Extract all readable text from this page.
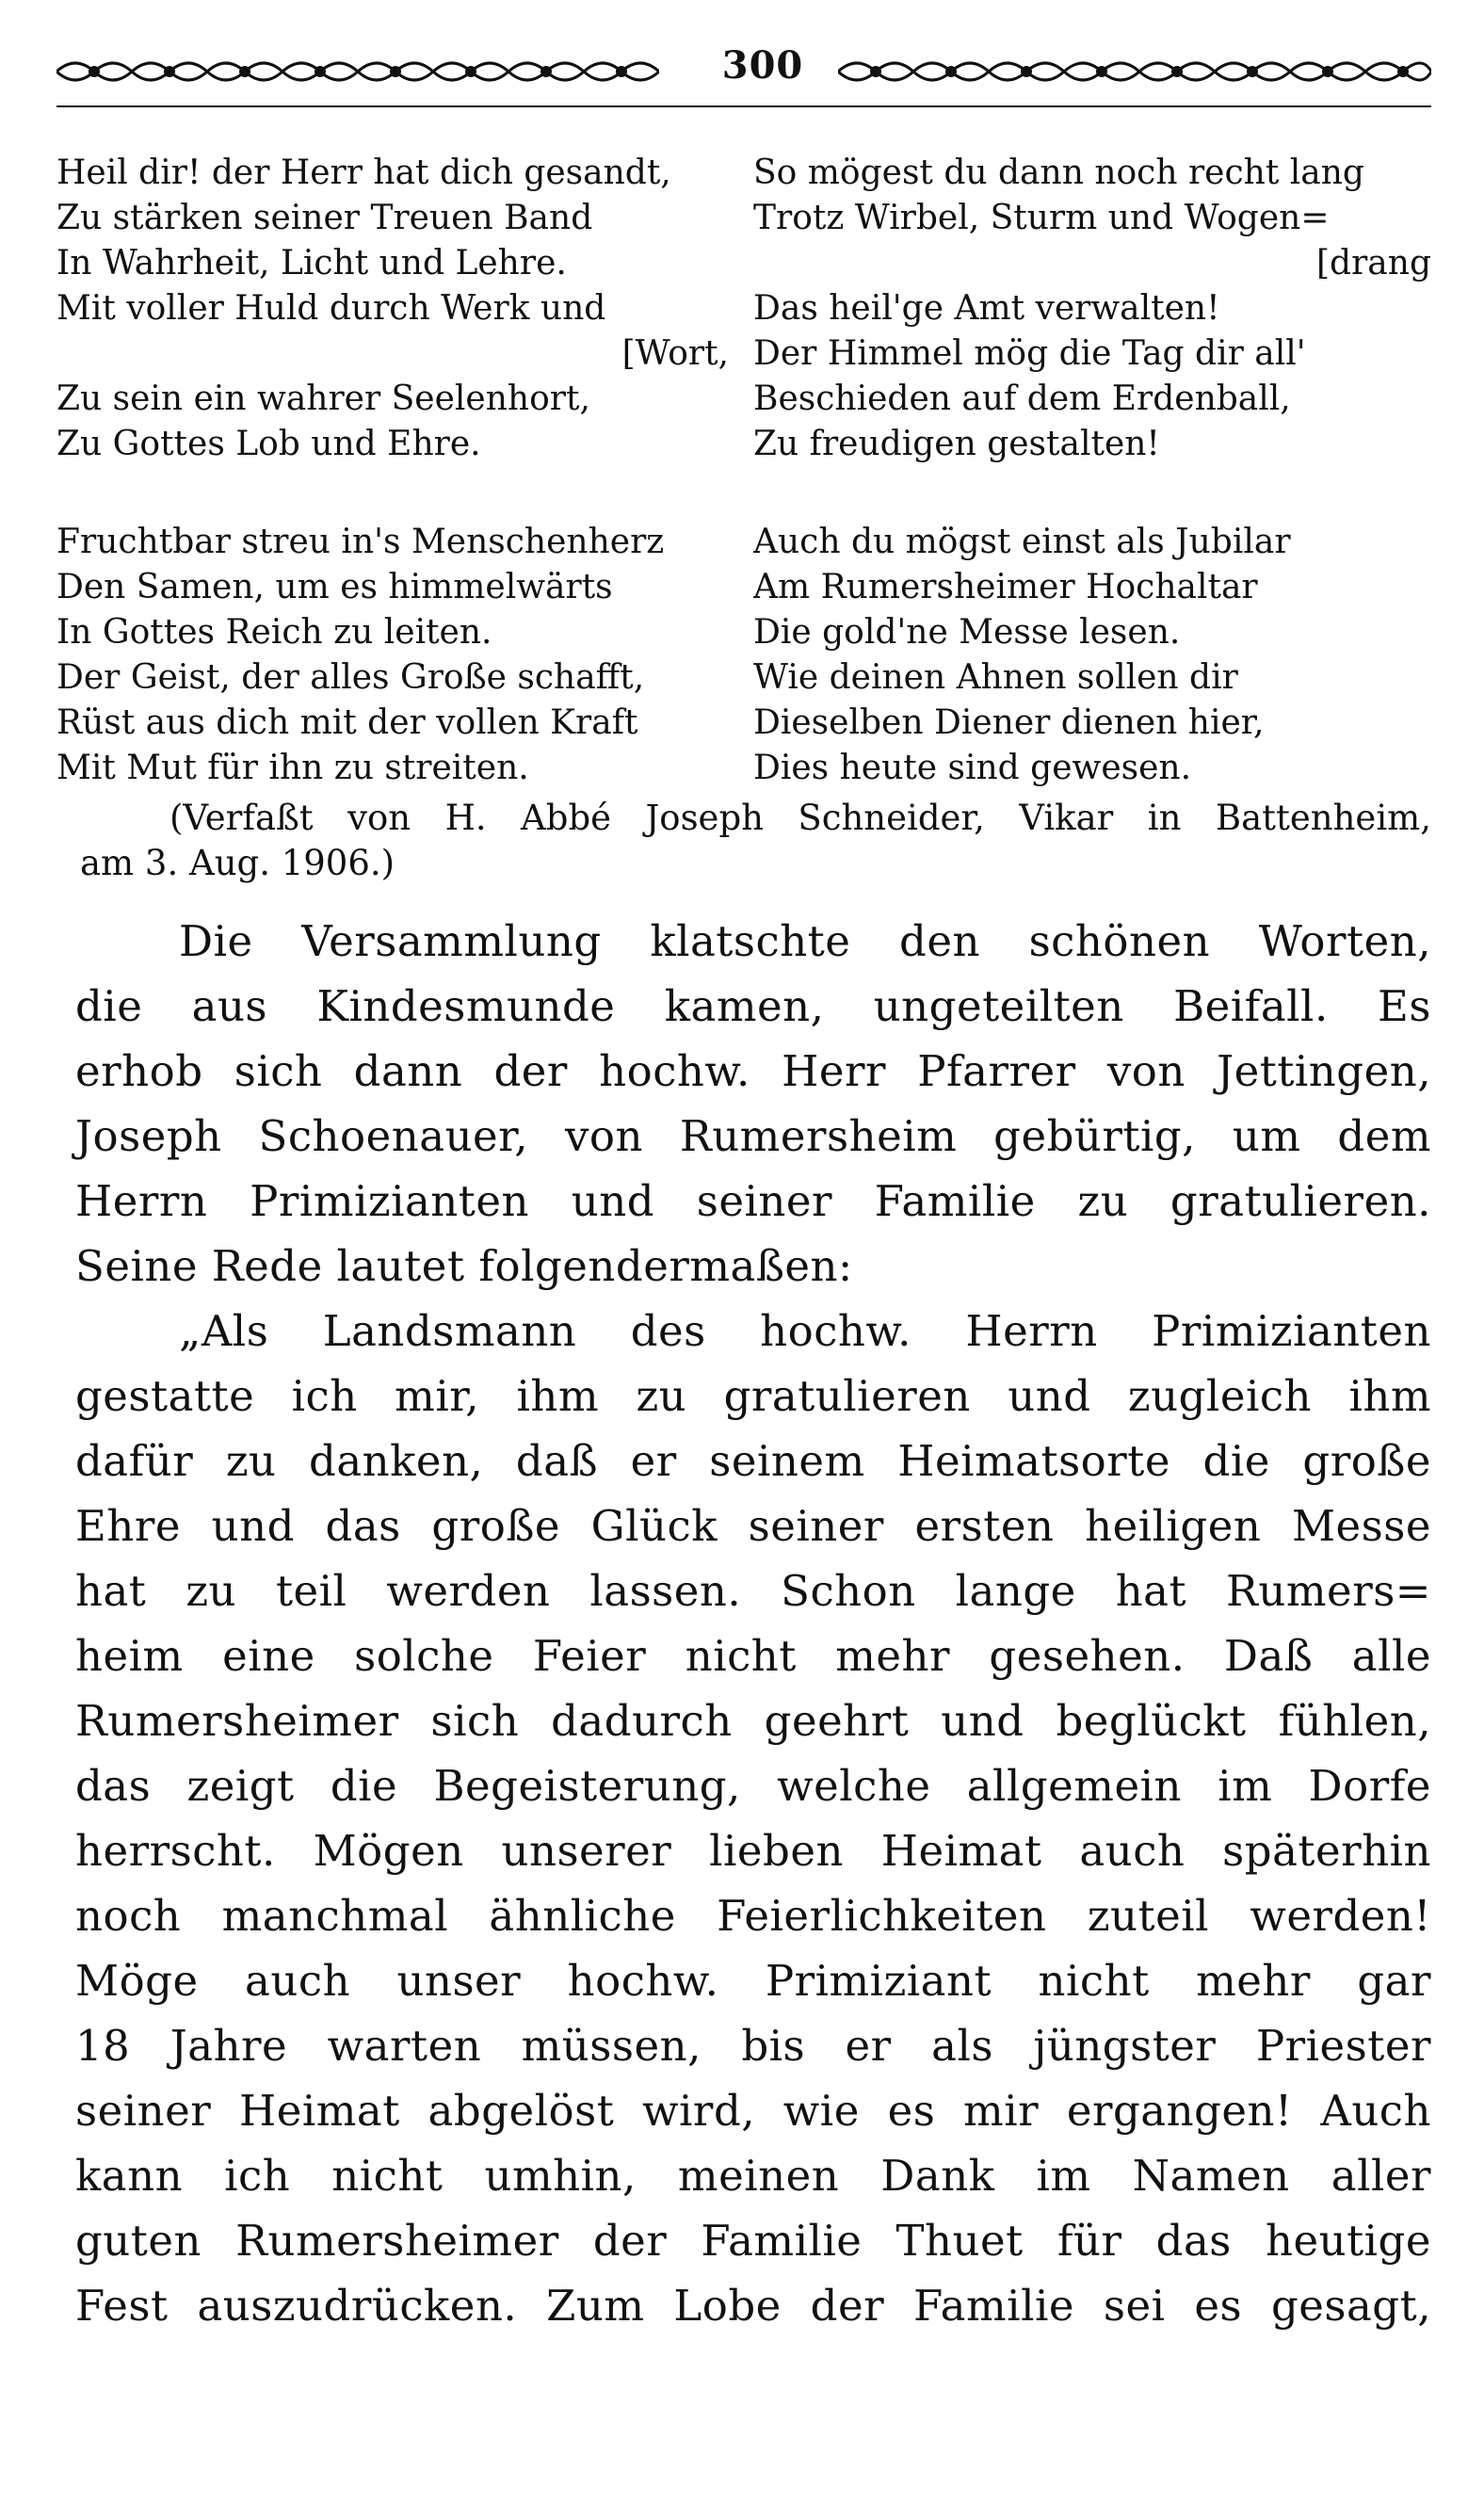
300
Heil dir! der Herr hat dich gesandt,
Zu stärken seiner Treuen Band
In Wahrheit, Licht und Lehre.
Mit voller Huld durch Werk und
[Wort,
Zu sein ein wahrer Seelenhort,
Zu Gottes Lob und Ehre.
So mögest du dann noch recht lang
Trotz Wirbel, Sturm und Wogen=
[drang
Das heil'ge Amt verwalten!
Der Himmel mög die Tag dir all'
Beschieden auf dem Erdenball,
Zu freudigen gestalten!
Fruchtbar streu in's Menschenherz
Den Samen, um es himmelwärts
In Gottes Reich zu leiten.
Der Geist, der alles Große schafft,
Rüst aus dich mit der vollen Kraft
Mit Mut für ihn zu streiten.
Auch du mögst einst als Jubilar
Am Rumersheimer Hochaltar
Die gold'ne Messe lesen.
Wie deinen Ahnen sollen dir
Dieselben Diener dienen hier,
Dies heute sind gewesen.
(Verfaßt von H. Abbé Joseph Schneider, Vikar in Battenheim,
am 3. Aug. 1906.)
Die Versammlung klatschte den schönen Worten,
die aus Kindesmunde kamen, ungeteilten Beifall. Es
erhob sich dann der hochw. Herr Pfarrer von Jettingen,
Joseph Schoenauer, von Rumersheim gebürtig, um dem
Herrn Primizianten und seiner Familie zu gratulieren.
Seine Rede lautet folgendermaßen:
„Als Landsmann des hochw. Herrn Primizianten
gestatte ich mir, ihm zu gratulieren und zugleich ihm
dafür zu danken, daß er seinem Heimatsorte die große
Ehre und das große Glück seiner ersten heiligen Messe
hat zu teil werden lassen. Schon lange hat Rumers=
heim eine solche Feier nicht mehr gesehen. Daß alle
Rumersheimer sich dadurch geehrt und beglückt fühlen,
das zeigt die Begeisterung, welche allgemein im Dorfe
herrscht. Mögen unserer lieben Heimat auch späterhin
noch manchmal ähnliche Feierlichkeiten zuteil werden!
Möge auch unser hochw. Primiziant nicht mehr gar
18 Jahre warten müssen, bis er als jüngster Priester
seiner Heimat abgelöst wird, wie es mir ergangen! Auch
kann ich nicht umhin, meinen Dank im Namen aller
guten Rumersheimer der Familie Thuet für das heutige
Fest auszudrücken. Zum Lobe der Familie sei es gesagt,
